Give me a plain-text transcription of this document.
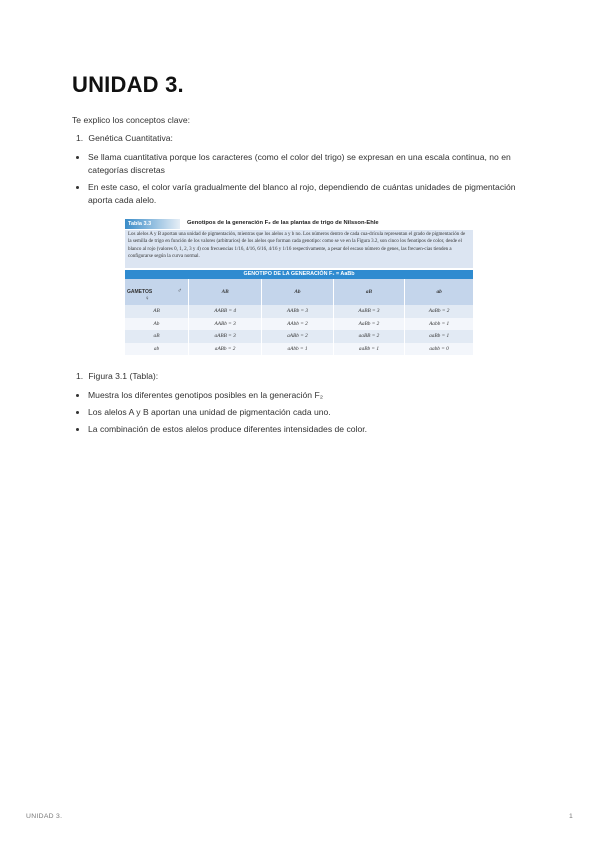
UNIDAD 3.

Te explico los conceptos clave:

1. Genética Cuantitativa:
Se llama cuantitativa porque los caracteres (como el color del trigo) se expresan en una escala continua, no en categorías discretas
En este caso, el color varía gradualmente del blanco al rojo, dependiendo de cuántas unidades de pigmentación aporta cada alelo.
Tabla 3.3	Genotipos de la generación F₂ de las plantas de trigo de Nilsson-Ehle
Los alelos A y B aportan una unidad de pigmentación, mientras que los alelos a y b no. Los números dentro de cada cua-drícula representan el grado de pigmentación de la semilla de trigo en función de los valores (arbitrarios) de los alelos que forman cada genotipo: como se ve en la Figura 3.2, son cinco los fenotipos de color, desde el blanco al rojo (valores 0, 1, 2, 3 y 4) con frecuencias 1/16, 4/16, 6/16, 4/16 y 1/16 respectivamente, a pesar del escaso número de genes, las frecuen-cias tienden a configurarse según la curva normal.
GENOTIPO DE LA GENERACIÓN F₁ = AaBb
GAMETOS ♂
♀	AB	Ab	aB	ab
AB	AABB = 4	AABb = 3	AaBB = 3	AaBb = 2
Ab	AABb = 3	AAbb = 2	AaBb = 2	Aabb = 1
aB	aABB = 3	aABb = 2	aaBB = 2	aaBb = 1
ab	aABb = 2	aAbb = 1	aaBb = 1	aabb = 0
1. Figura 3.1 (Tabla):
Muestra los diferentes genotipos posibles en la generación F₂
Los alelos A y B aportan una unidad de pigmentación cada uno.
La combinación de estos alelos produce diferentes intensidades de color.
UNIDAD 3.	1
